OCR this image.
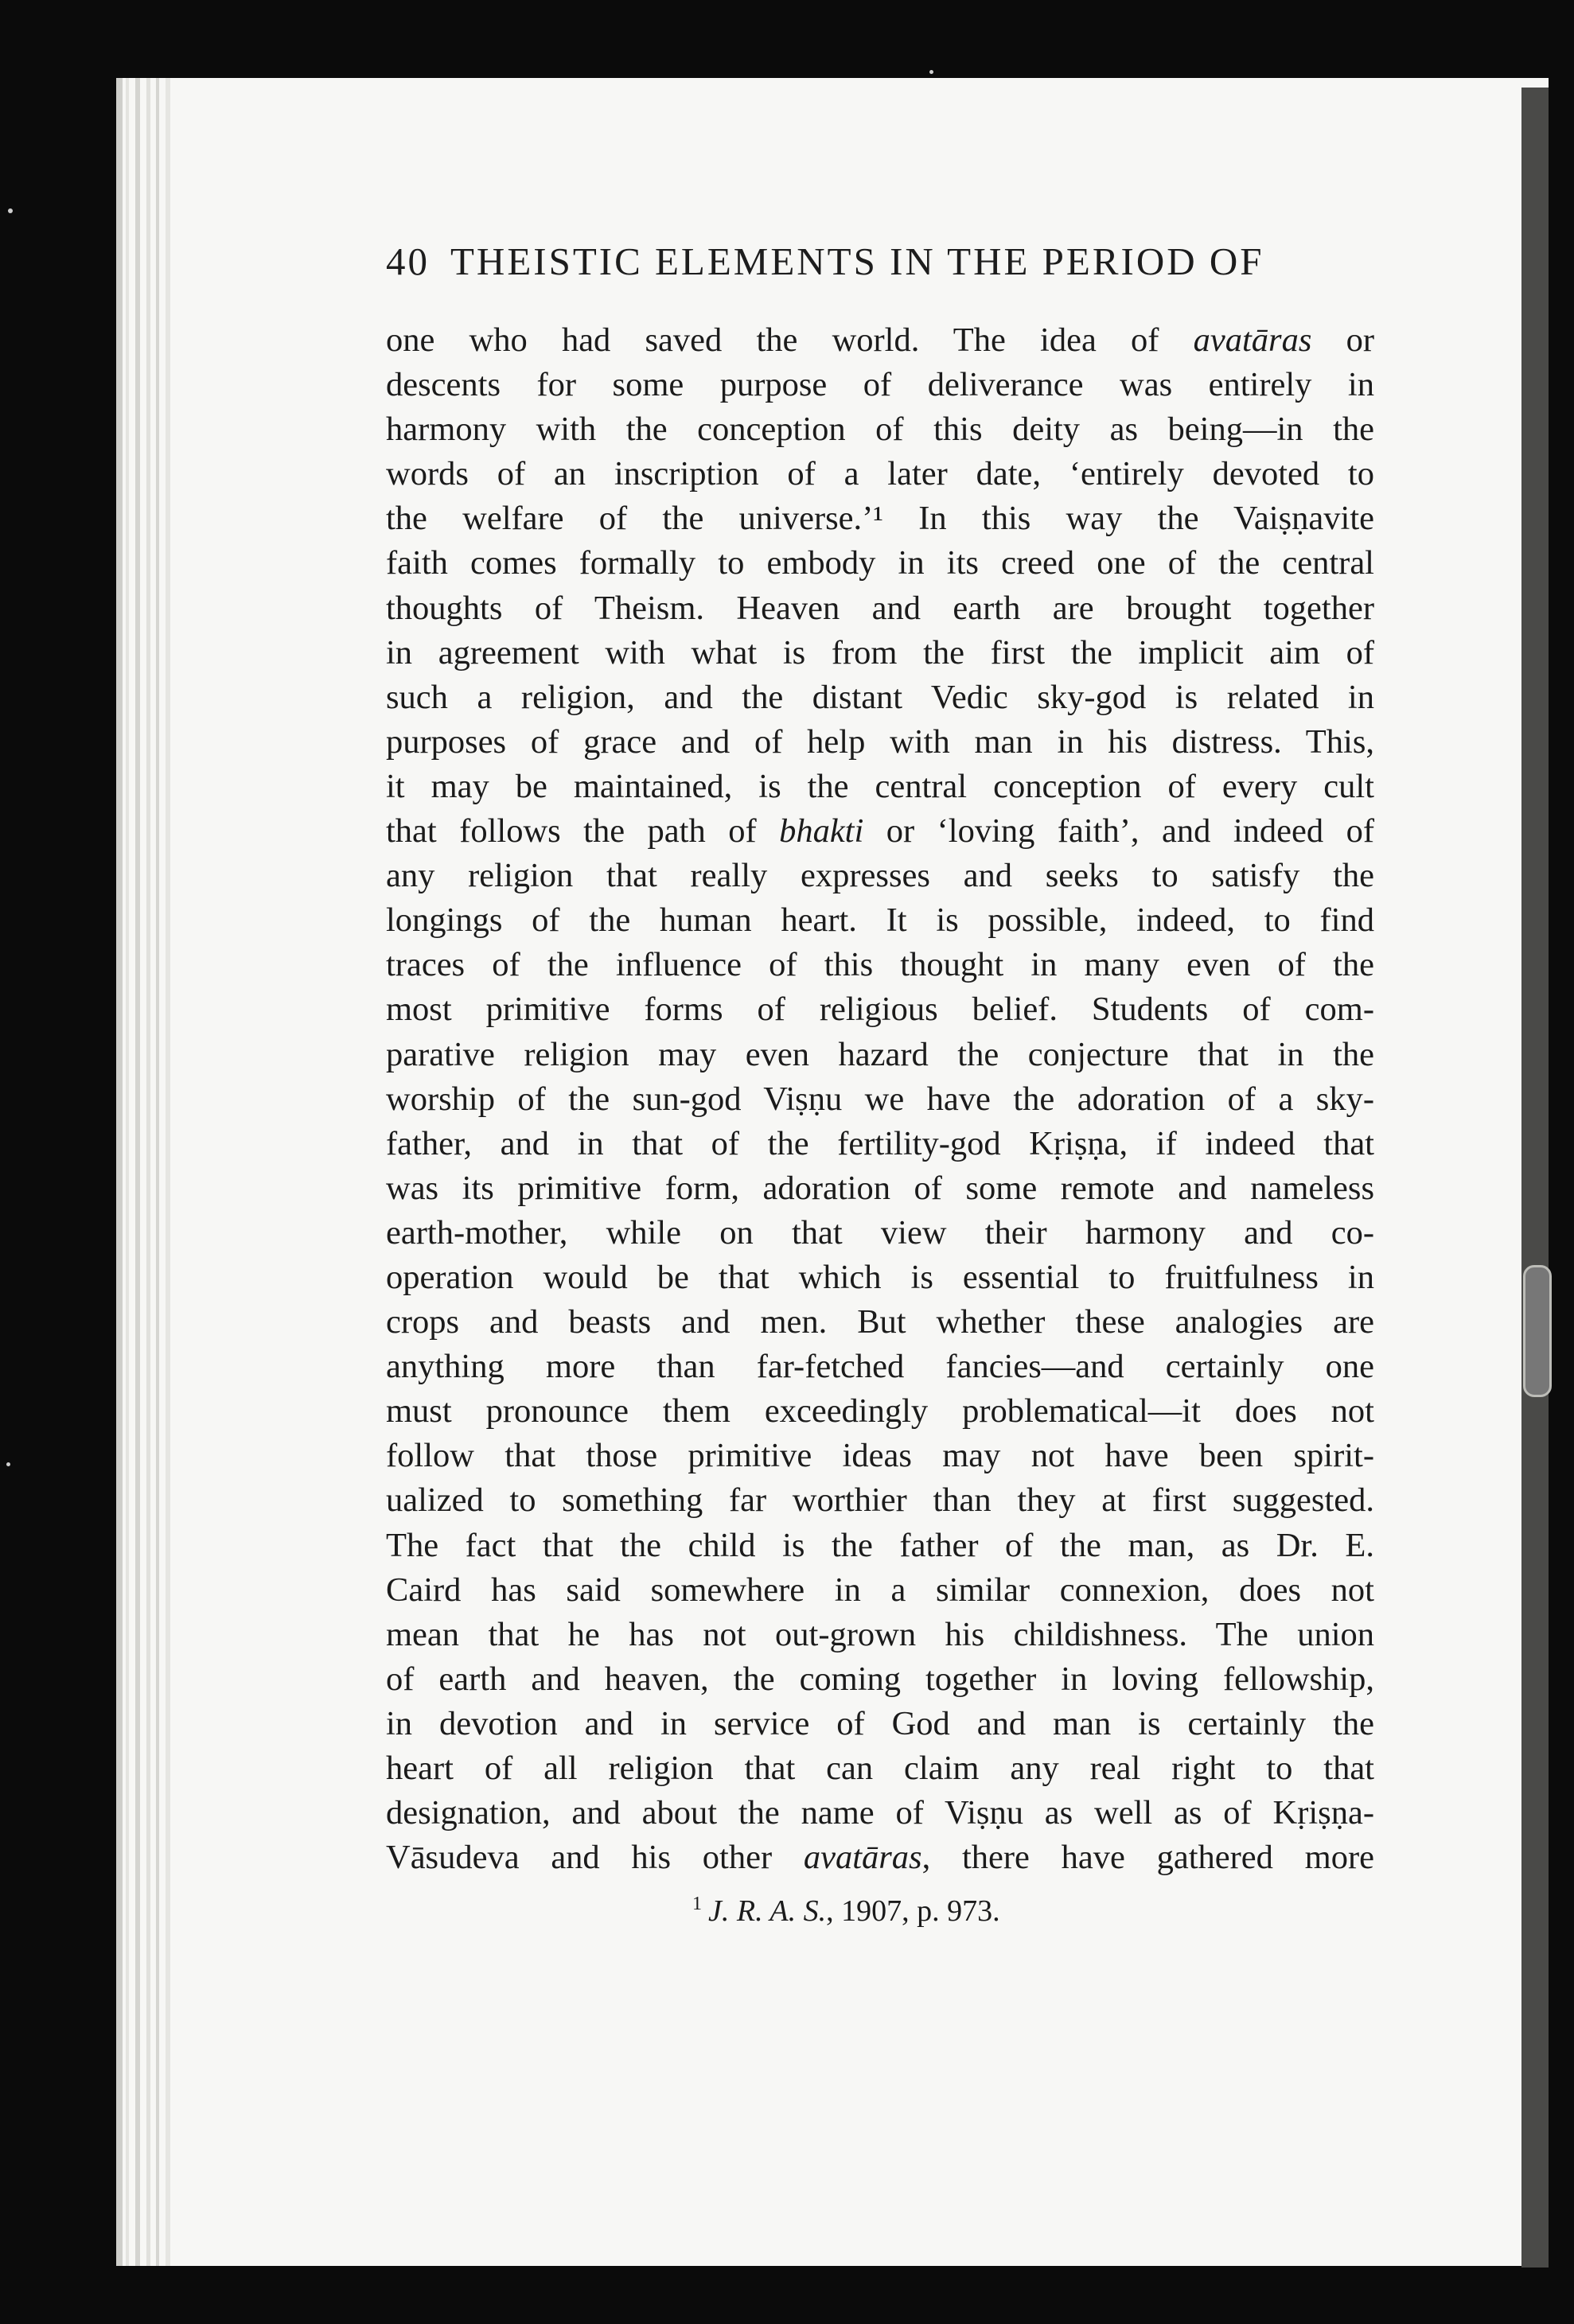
40 THEISTIC ELEMENTS IN THE PERIOD OF
one who had saved the world. The idea of avatāras or
descents for some purpose of deliverance was entirely in
harmony with the conception of this deity as being—in the
words of an inscription of a later date, ‘entirely devoted to
the welfare of the universe.’¹ In this way the Vaiṣṇavite
faith comes formally to embody in its creed one of the central
thoughts of Theism. Heaven and earth are brought together
in agreement with what is from the first the implicit aim of
such a religion, and the distant Vedic sky-god is related in
purposes of grace and of help with man in his distress. This,
it may be maintained, is the central conception of every cult
that follows the path of bhakti or ‘loving faith’, and indeed of
any religion that really expresses and seeks to satisfy the
longings of the human heart. It is possible, indeed, to find
traces of the influence of this thought in many even of the
most primitive forms of religious belief. Students of com-
parative religion may even hazard the conjecture that in the
worship of the sun-god Viṣṇu we have the adoration of a sky-
father, and in that of the fertility-god Kṛiṣṇa, if indeed that
was its primitive form, adoration of some remote and nameless
earth-mother, while on that view their harmony and co-
operation would be that which is essential to fruitfulness in
crops and beasts and men. But whether these analogies are
anything more than far-fetched fancies—and certainly one
must pronounce them exceedingly problematical—it does not
follow that those primitive ideas may not have been spirit-
ualized to something far worthier than they at first suggested.
The fact that the child is the father of the man, as Dr. E.
Caird has said somewhere in a similar connexion, does not
mean that he has not out-grown his childishness. The union
of earth and heaven, the coming together in loving fellowship,
in devotion and in service of God and man is certainly the
heart of all religion that can claim any real right to that
designation, and about the name of Viṣṇu as well as of Kṛiṣṇa-
Vāsudeva and his other avatāras, there have gathered more
$^1$ J. R. A. S., 1907, p. 973.
